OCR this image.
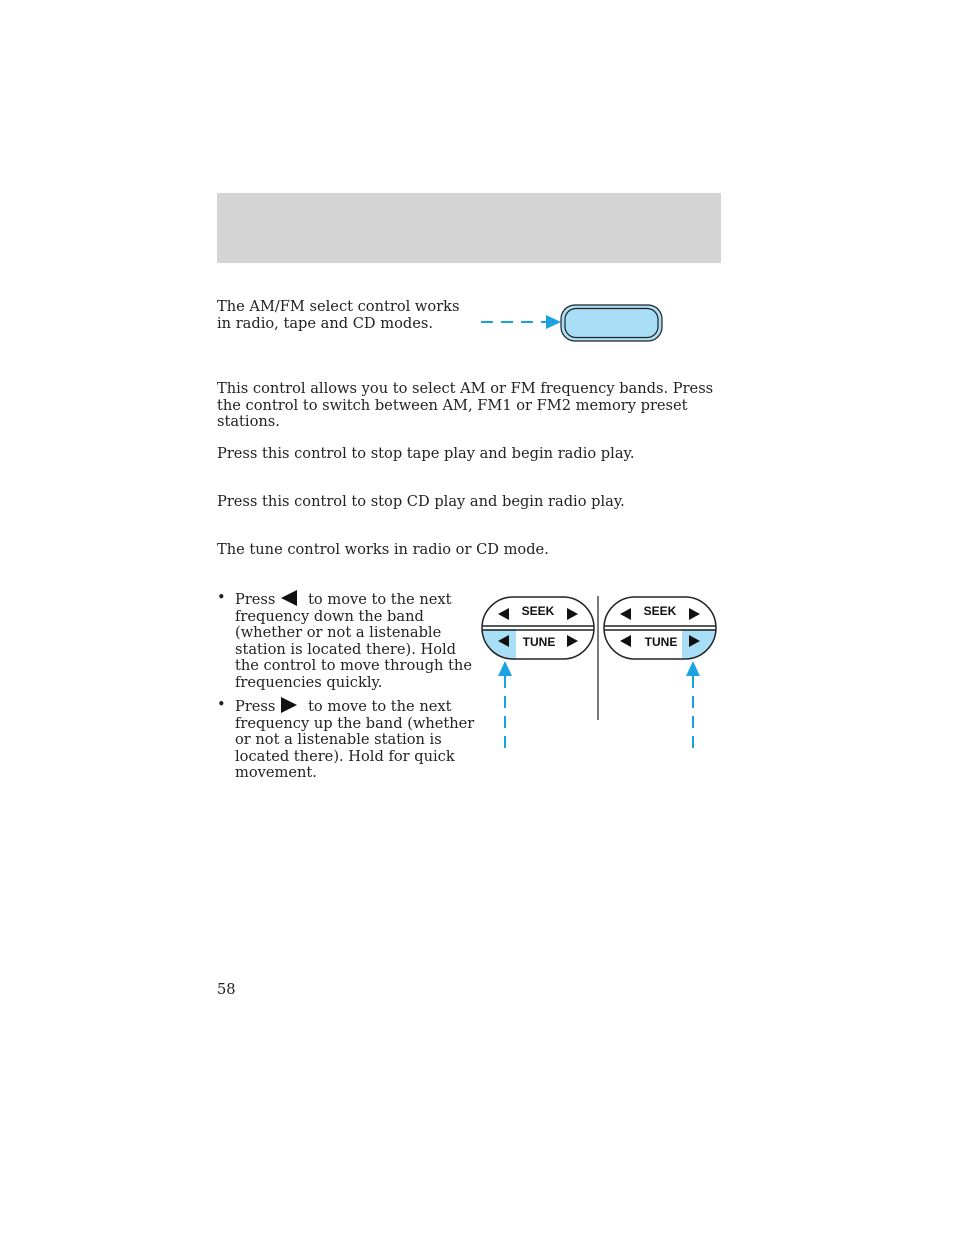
The AM/FM select control works in radio, tape and CD modes.

This control allows you to select AM or FM frequency bands. Press the control to switch between AM, FM1 or FM2 memory preset stations.

Press this control to stop tape play and begin radio play.

Press this control to stop CD play and begin radio play.

The tune control works in radio or CD mode.

• Press to move to the next frequency down the band (whether or not a listenable station is located there). Hold the control to move through the frequencies quickly.
• Press to move to the next frequency up the band (whether or not a listenable station is located there). Hold for quick movement.
SEEK
TUNE
SEEK
TUNE
58
